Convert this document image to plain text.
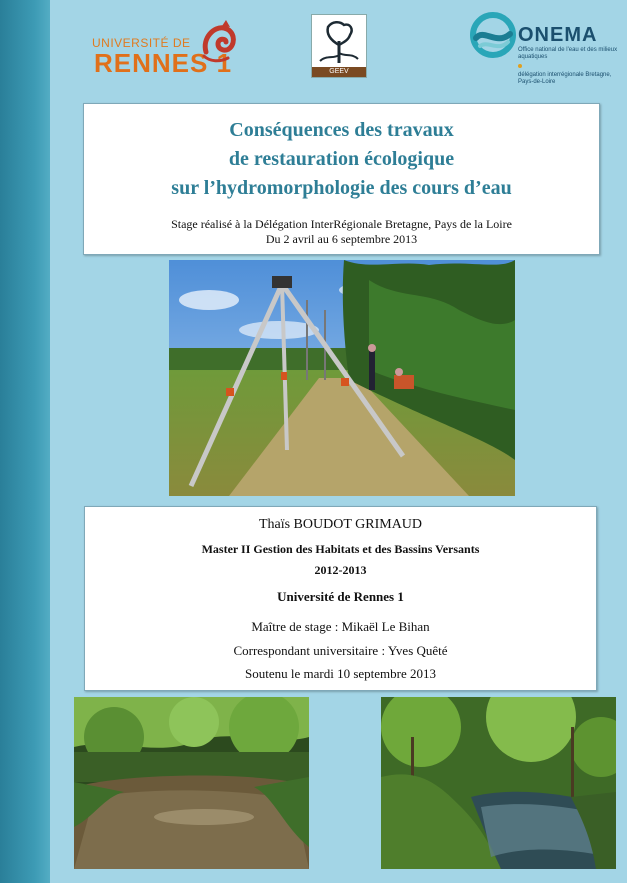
UNIVERSITÉ DE
RENNES 1	GEEV
ONEMA
Office national de l'eau et des milieux aquatiques
délégation interrégionale Bretagne, Pays-de-Loire

Conséquences des travaux

de restauration écologique

sur l’hydromorphologie des cours d’eau

Stage réalisé à la Délégation InterRégionale Bretagne, Pays de la Loire

Du 2 avril au 6 septembre 2013

Thaïs BOUDOT GRIMAUD
Master II Gestion des Habitats et des Bassins Versants
2012-2013
Université de Rennes 1
Maître de stage : Mikaël Le Bihan
Correspondant universitaire : Yves Quêté
Soutenu le mardi 10 septembre 2013
